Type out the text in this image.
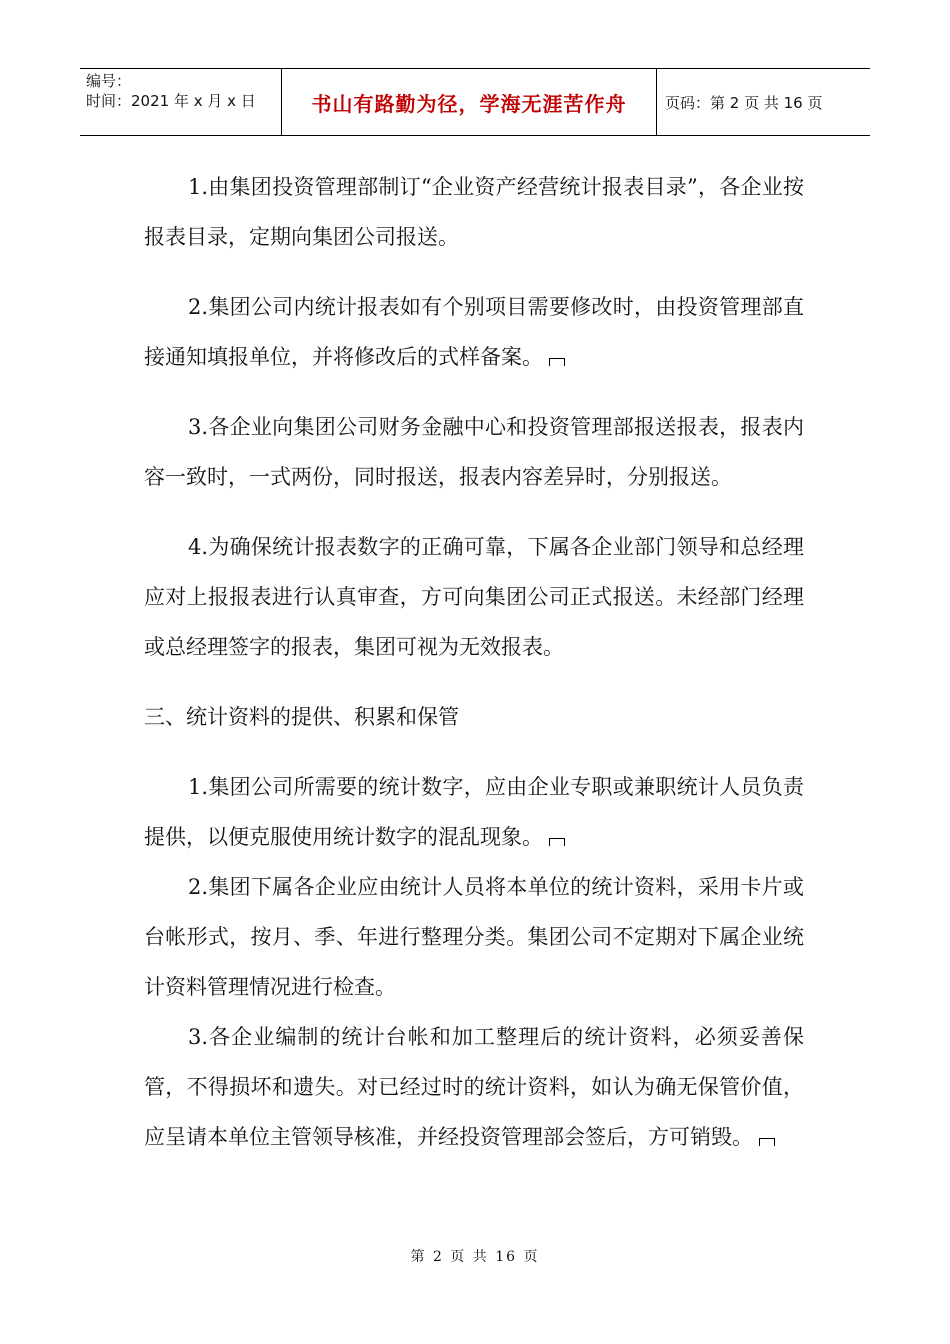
编号：
时间：2021 年 x 月 x 日	书山有路勤为径，学海无涯苦作舟	页码：第 2 页 共 16 页

1.由集团投资管理部制订“企业资产经营统计报表目录”，各企业按报表目录，定期向集团公司报送。

2.集团公司内统计报表如有个别项目需要修改时，由投资管理部直接通知填报单位，并将修改后的式样备案。

3.各企业向集团公司财务金融中心和投资管理部报送报表，报表内容一致时，一式两份，同时报送，报表内容差异时，分别报送。

4.为确保统计报表数字的正确可靠，下属各企业部门领导和总经理应对上报报表进行认真审查，方可向集团公司正式报送。未经部门经理或总经理签字的报表，集团可视为无效报表。

三、统计资料的提供、积累和保管

1.集团公司所需要的统计数字，应由企业专职或兼职统计人员负责提供，以便克服使用统计数字的混乱现象。

2.集团下属各企业应由统计人员将本单位的统计资料，采用卡片或台帐形式，按月、季、年进行整理分类。集团公司不定期对下属企业统计资料管理情况进行检查。

3.各企业编制的统计台帐和加工整理后的统计资料，必须妥善保管，不得损坏和遗失。对已经过时的统计资料，如认为确无保管价值，应呈请本单位主管领导核准，并经投资管理部会签后，方可销毁。

第 2 页 共 16 页
